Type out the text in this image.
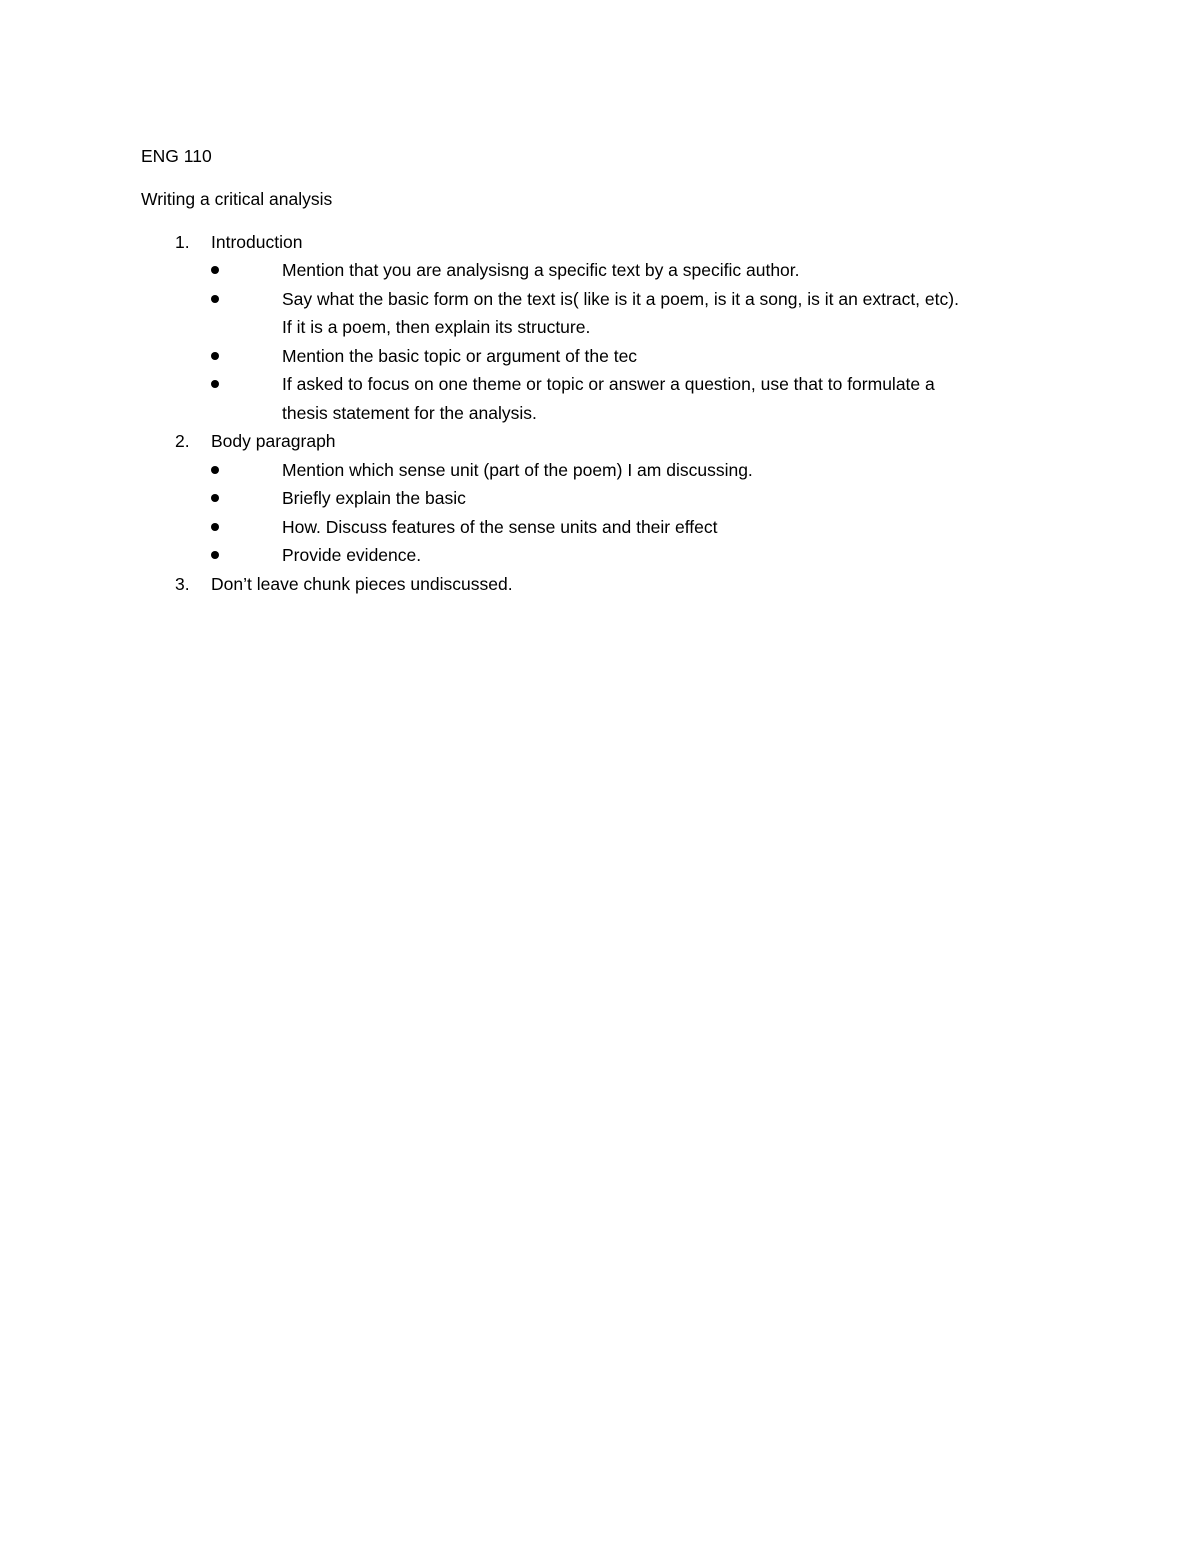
ENG 110

Writing a critical analysis

1. Introduction
Mention that you are analysisng a specific text by a specific author.
Say what the basic form on the text is( like is it a poem, is it a song, is it an extract, etc).
If it is a poem, then explain its structure.
Mention the basic topic or argument of the tec
If asked to focus on one theme or topic or answer a question, use that to formulate a
thesis statement for the analysis.
2. Body paragraph
Mention which sense unit (part of the poem) I am discussing.
Briefly explain the basic
How. Discuss features of the sense units and their effect
Provide evidence.
3. Don’t leave chunk pieces undiscussed.
